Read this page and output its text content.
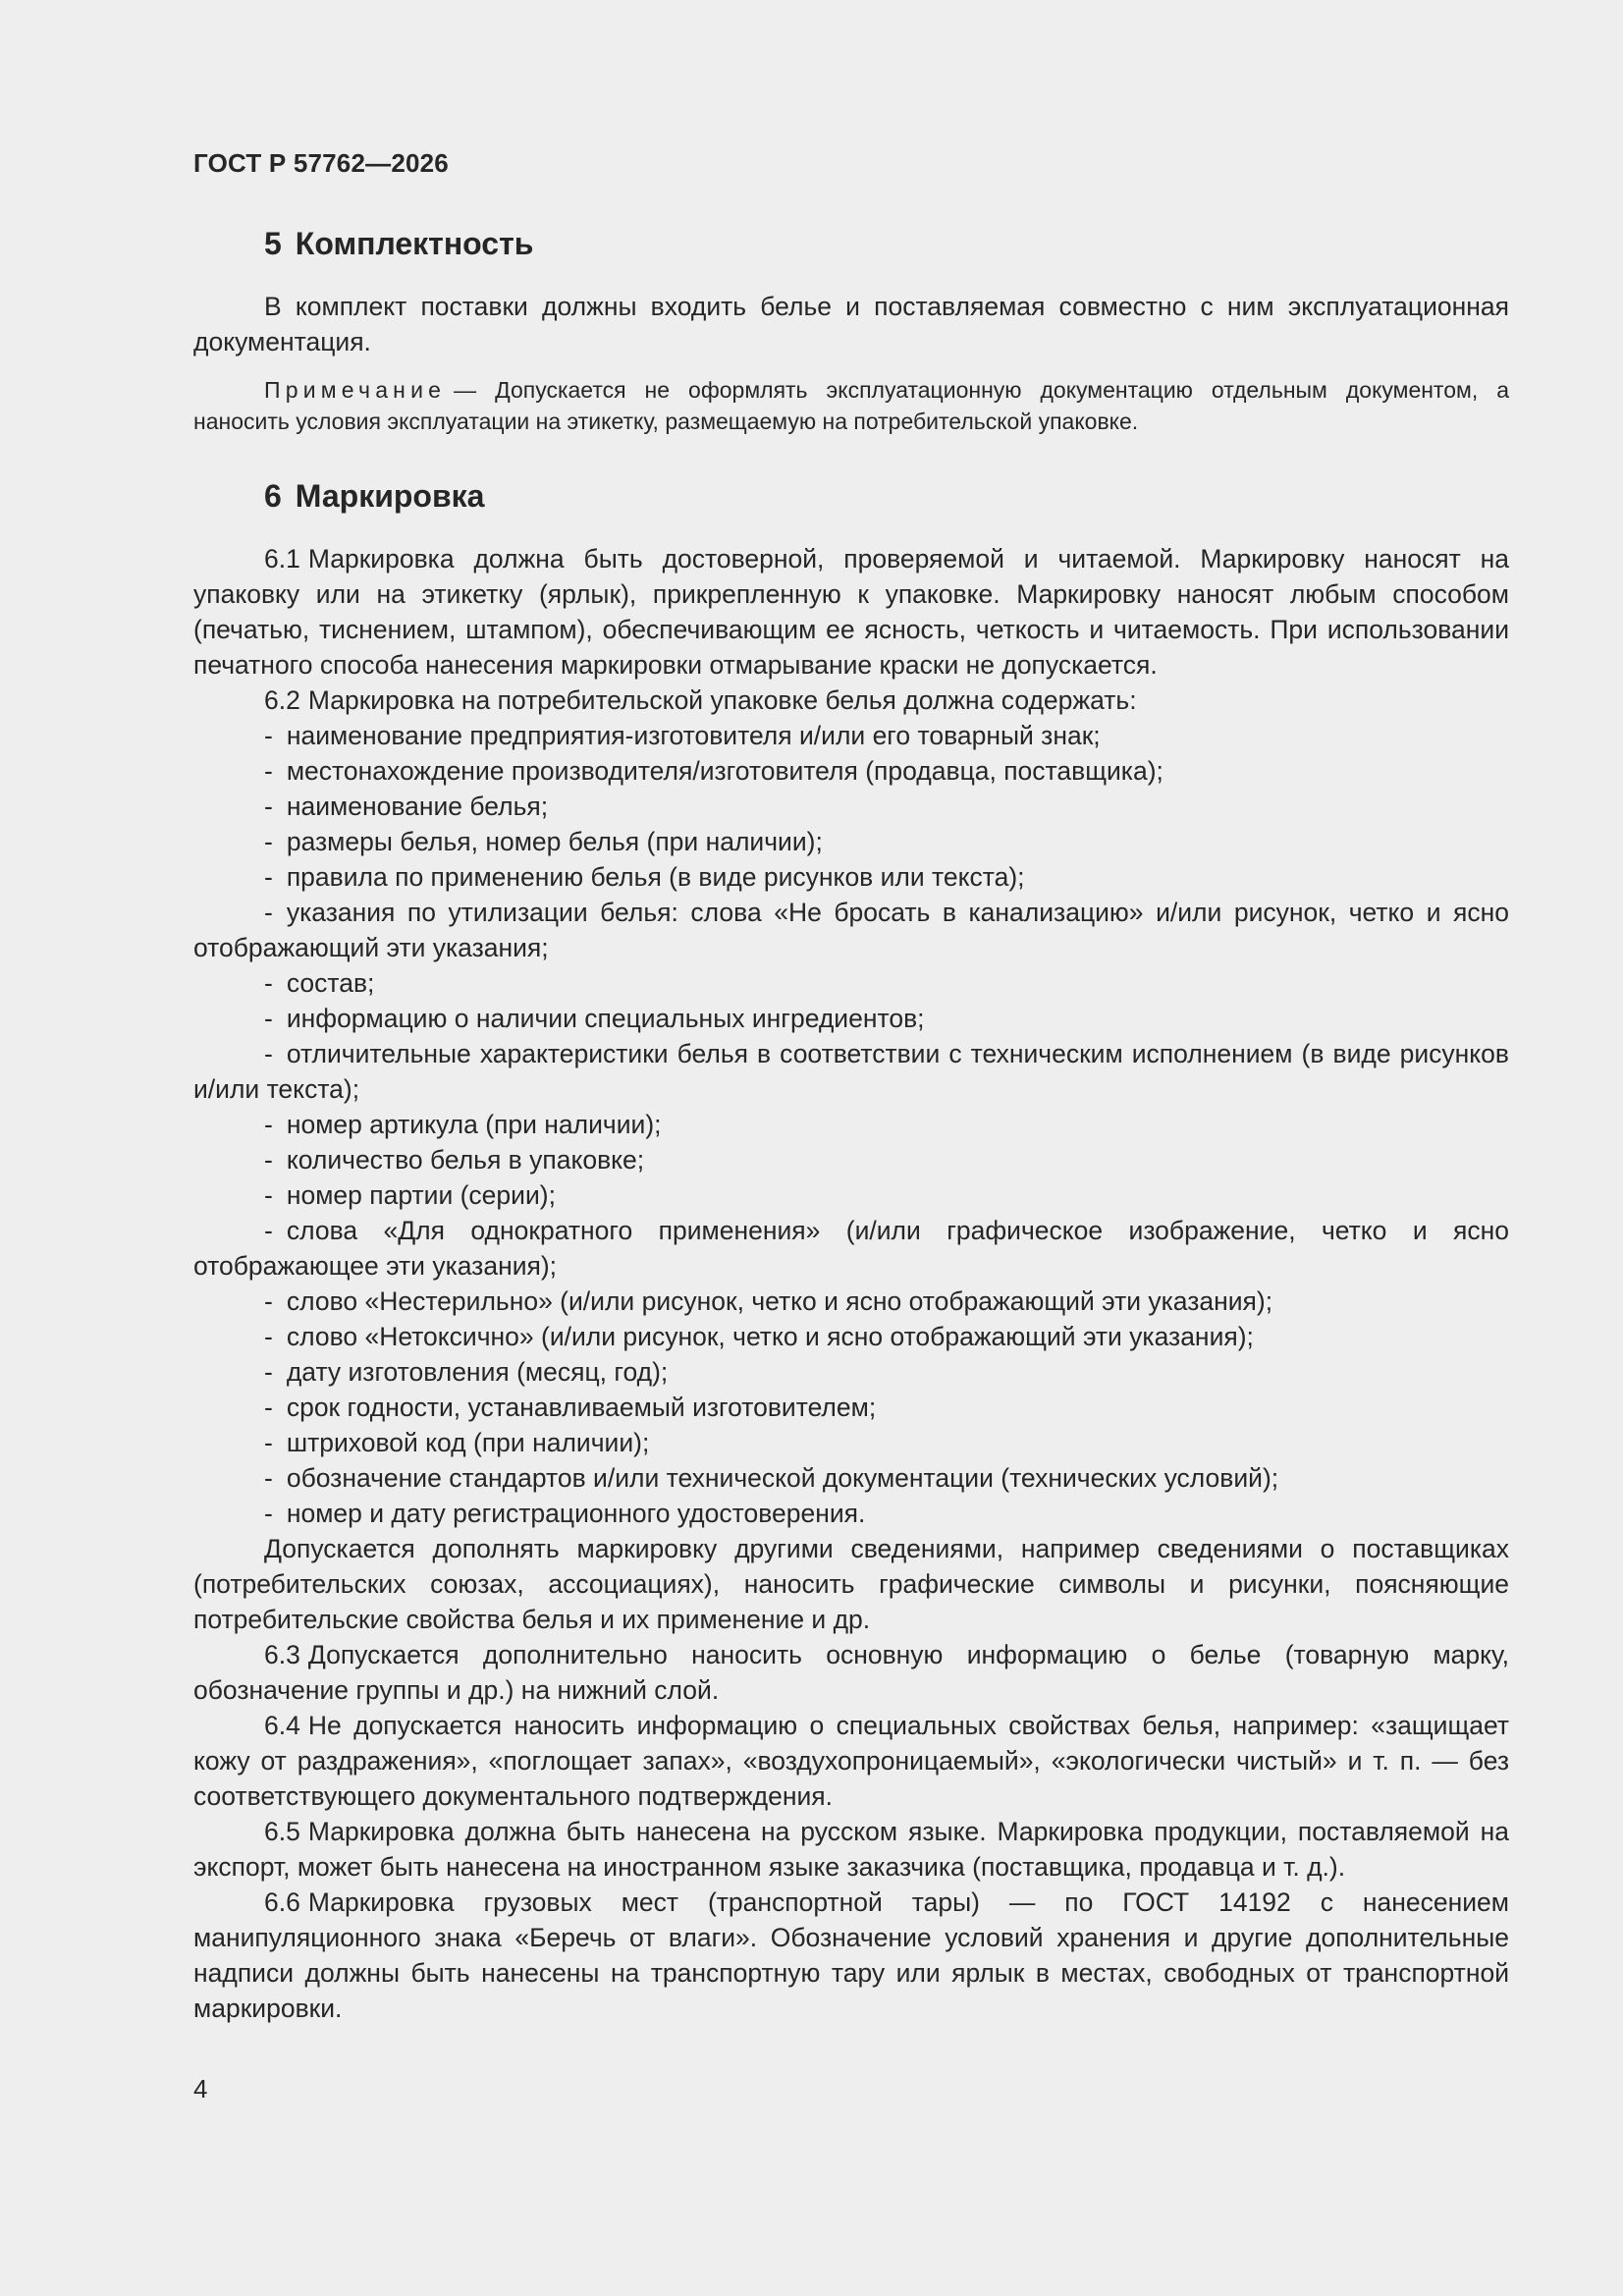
ГОСТ Р 57762—2026
5 Комплектность

В комплект поставки должны входить белье и поставляемая совместно с ним эксплуатационная документация.

Примечание — Допускается не оформлять эксплуатационную документацию отдельным документом, а наносить условия эксплуатации на этикетку, размещаемую на потребительской упаковке.

6 Маркировка

6.1 Маркировка должна быть достоверной, проверяемой и читаемой. Маркировку наносят на упаковку или на этикетку (ярлык), прикрепленную к упаковке. Маркировку наносят любым способом (печатью, тиснением, штампом), обеспечивающим ее ясность, четкость и читаемость. При использовании печатного способа нанесения маркировки отмарывание краски не допускается.

6.2 Маркировка на потребительской упаковке белья должна содержать:

- наименование предприятия-изготовителя и/или его товарный знак;

- местонахождение производителя/изготовителя (продавца, поставщика);

- наименование белья;

- размеры белья, номер белья (при наличии);

- правила по применению белья (в виде рисунков или текста);

- указания по утилизации белья: слова «Не бросать в канализацию» и/или рисунок, четко и ясно отображающий эти указания;

- состав;

- информацию о наличии специальных ингредиентов;

- отличительные характеристики белья в соответствии с техническим исполнением (в виде рисунков и/или текста);

- номер артикула (при наличии);

- количество белья в упаковке;

- номер партии (серии);

- слова «Для однократного применения» (и/или графическое изображение, четко и ясно отображающее эти указания);

- слово «Нестерильно» (и/или рисунок, четко и ясно отображающий эти указания);

- слово «Нетоксично» (и/или рисунок, четко и ясно отображающий эти указания);

- дату изготовления (месяц, год);

- срок годности, устанавливаемый изготовителем;

- штриховой код (при наличии);

- обозначение стандартов и/или технической документации (технических условий);

- номер и дату регистрационного удостоверения.

Допускается дополнять маркировку другими сведениями, например сведениями о поставщиках (потребительских союзах, ассоциациях), наносить графические символы и рисунки, поясняющие потребительские свойства белья и их применение и др.

6.3 Допускается дополнительно наносить основную информацию о белье (товарную марку, обозначение группы и др.) на нижний слой.

6.4 Не допускается наносить информацию о специальных свойствах белья, например: «защищает кожу от раздражения», «поглощает запах», «воздухопроницаемый», «экологически чистый» и т. п. — без соответствующего документального подтверждения.

6.5 Маркировка должна быть нанесена на русском языке. Маркировка продукции, поставляемой на экспорт, может быть нанесена на иностранном языке заказчика (поставщика, продавца и т. д.).

6.6 Маркировка грузовых мест (транспортной тары) — по ГОСТ 14192 с нанесением манипуляционного знака «Беречь от влаги». Обозначение условий хранения и другие дополнительные надписи должны быть нанесены на транспортную тару или ярлык в местах, свободных от транспортной маркировки.

4
